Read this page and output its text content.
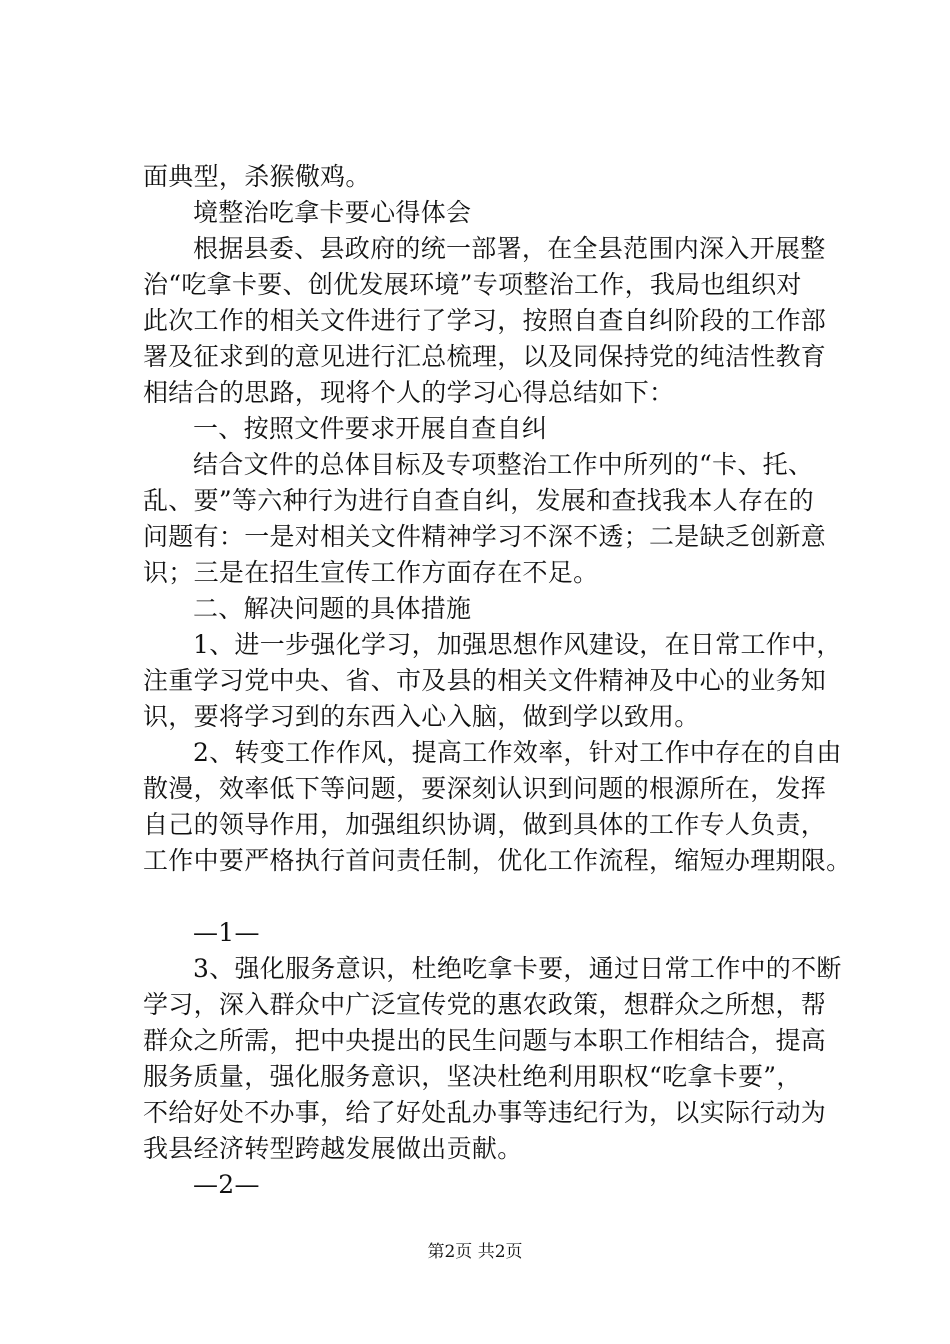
面典型，杀猴儆鸡。
境整治吃拿卡要心得体会
根据县委、县政府的统一部署，在全县范围内深入开展整
治“吃拿卡要、创优发展环境”专项整治工作，我局也组织对
此次工作的相关文件进行了学习，按照自查自纠阶段的工作部
署及征求到的意见进行汇总梳理，以及同保持党的纯洁性教育
相结合的思路，现将个人的学习心得总结如下：
一、按照文件要求开展自查自纠
结合文件的总体目标及专项整治工作中所列的“卡、托、
乱、要”等六种行为进行自查自纠，发展和查找我本人存在的
问题有：一是对相关文件精神学习不深不透；二是缺乏创新意
识；三是在招生宣传工作方面存在不足。
二、解决问题的具体措施
1、进一步强化学习，加强思想作风建设，在日常工作中，
注重学习党中央、省、市及县的相关文件精神及中心的业务知
识，要将学习到的东西入心入脑，做到学以致用。
2、转变工作作风，提高工作效率，针对工作中存在的自由
散漫，效率低下等问题，要深刻认识到问题的根源所在，发挥
自己的领导作用，加强组织协调，做到具体的工作专人负责，
工作中要严格执行首问责任制，优化工作流程，缩短办理期限。
—1—
3、强化服务意识，杜绝吃拿卡要，通过日常工作中的不断
学习，深入群众中广泛宣传党的惠农政策，想群众之所想，帮
群众之所需，把中央提出的民生问题与本职工作相结合，提高
服务质量，强化服务意识，坚决杜绝利用职权“吃拿卡要”，
不给好处不办事，给了好处乱办事等违纪行为，以实际行动为
我县经济转型跨越发展做出贡献。
—2—
第2页 共2页
